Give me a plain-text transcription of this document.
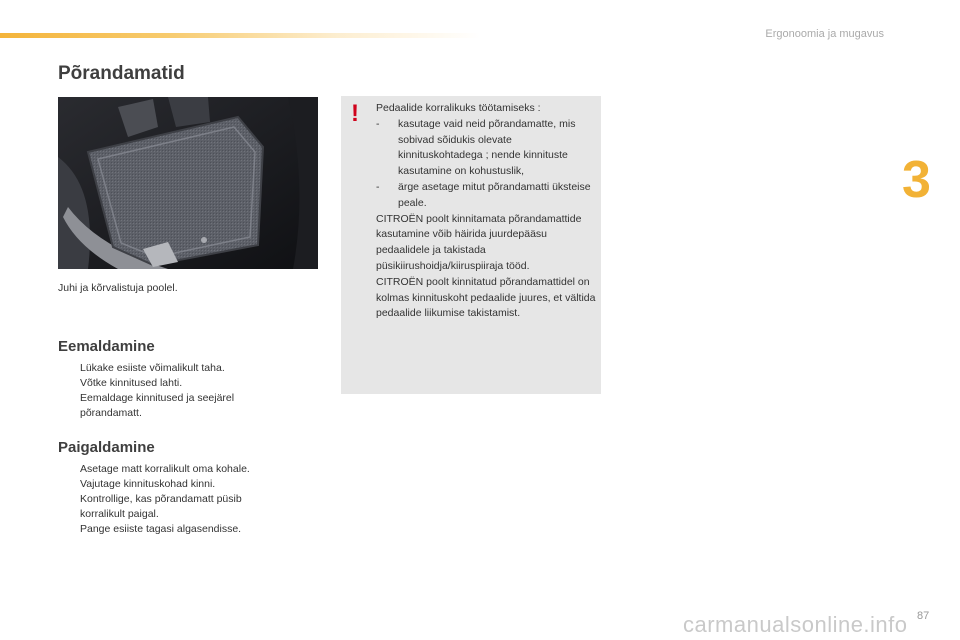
Ergonoomia ja mugavus
3
Põrandamatid
Juhi ja kõrvalistuja poolel.
Eemaldamine
Lükake esiiste võimalikult taha.
Võtke kinnitused lahti.
Eemaldage kinnitused ja seejärel põrandamatt.
Paigaldamine
Asetage matt korralikult oma kohale.
Vajutage kinnituskohad kinni.
Kontrollige, kas põrandamatt püsib korralikult paigal.
Pange esiiste tagasi algasendisse.
! Pedaalide korralikuks töötamiseks :

- kasutage vaid neid põrandamatte, mis sobivad sõidukis olevate kinnituskohtadega ; nende kinnituste kasutamine on kohustuslik,
- ärge asetage mitut põrandamatti üksteise peale.

CITROËN poolt kinnitamata põrandamattide kasutamine võib häirida juurdepääsu pedaalidele ja takistada püsikiirushoidja/kiiruspiiraja tööd.

CITROËN poolt kinnitatud põrandamattidel on kolmas kinnituskoht pedaalide juures, et vältida pedaalide liikumise takistamist.

carmanualsonline.info 87
